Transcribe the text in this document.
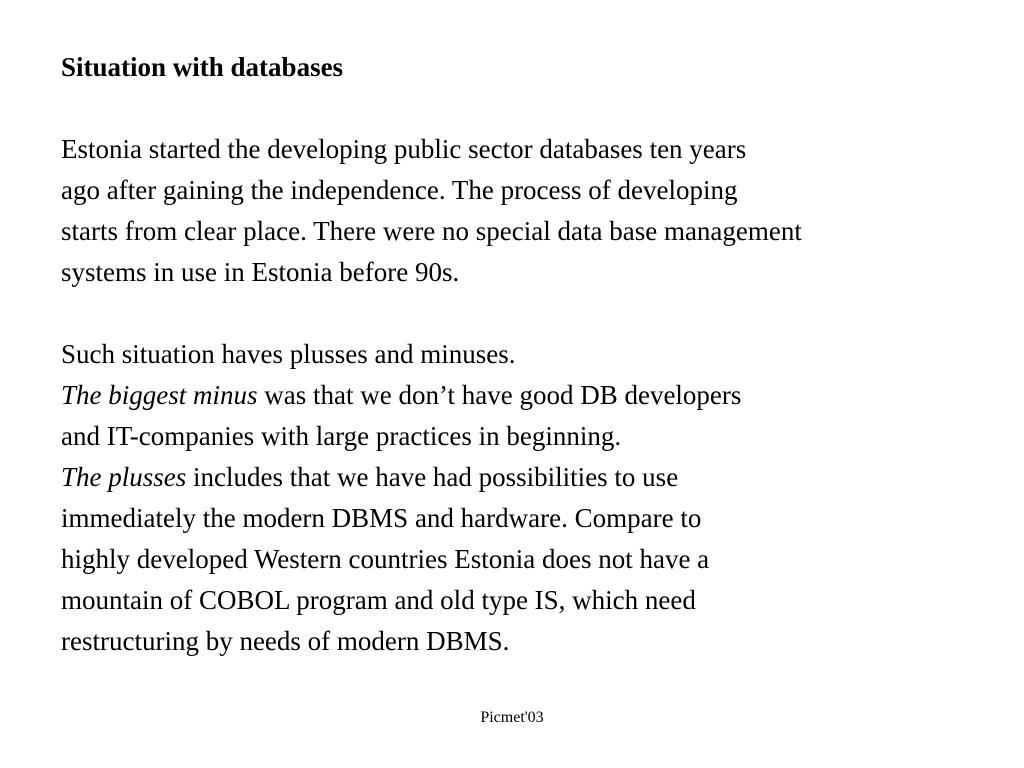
Situation with databases
Estonia started the developing public sector databases ten years
ago after gaining the independence. The process of developing
starts from clear place. There were no special data base management
systems in use in Estonia before 90s.
Such situation haves plusses and minuses.
The biggest minus was that we don’t have good DB developers
and IT-companies with large practices in beginning.
The plusses includes that we have had possibilities to use
immediately the modern DBMS and hardware. Compare to
highly developed Western countries Estonia does not have a
mountain of COBOL program and old type IS, which need
restructuring by needs of modern DBMS.
Picmet'03
